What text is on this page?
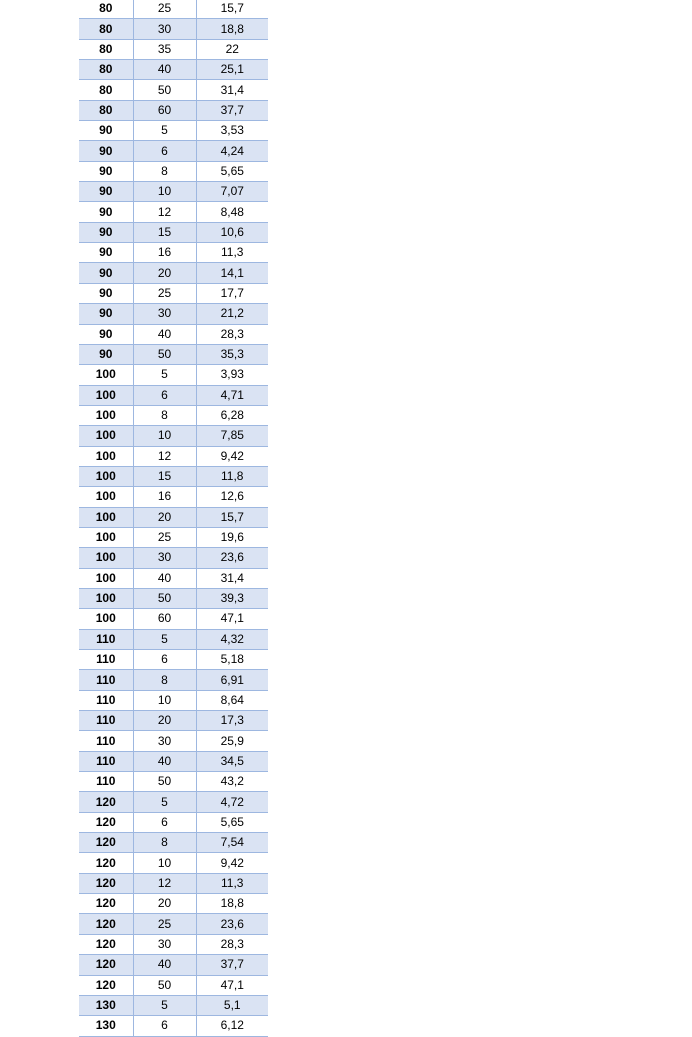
80	25	15,7
80	30	18,8
80	35	22
80	40	25,1
80	50	31,4
80	60	37,7
90	5	3,53
90	6	4,24
90	8	5,65
90	10	7,07
90	12	8,48
90	15	10,6
90	16	11,3
90	20	14,1
90	25	17,7
90	30	21,2
90	40	28,3
90	50	35,3
100	5	3,93
100	6	4,71
100	8	6,28
100	10	7,85
100	12	9,42
100	15	11,8
100	16	12,6
100	20	15,7
100	25	19,6
100	30	23,6
100	40	31,4
100	50	39,3
100	60	47,1
110	5	4,32
110	6	5,18
110	8	6,91
110	10	8,64
110	20	17,3
110	30	25,9
110	40	34,5
110	50	43,2
120	5	4,72
120	6	5,65
120	8	7,54
120	10	9,42
120	12	11,3
120	20	18,8
120	25	23,6
120	30	28,3
120	40	37,7
120	50	47,1
130	5	5,1
130	6	6,12
